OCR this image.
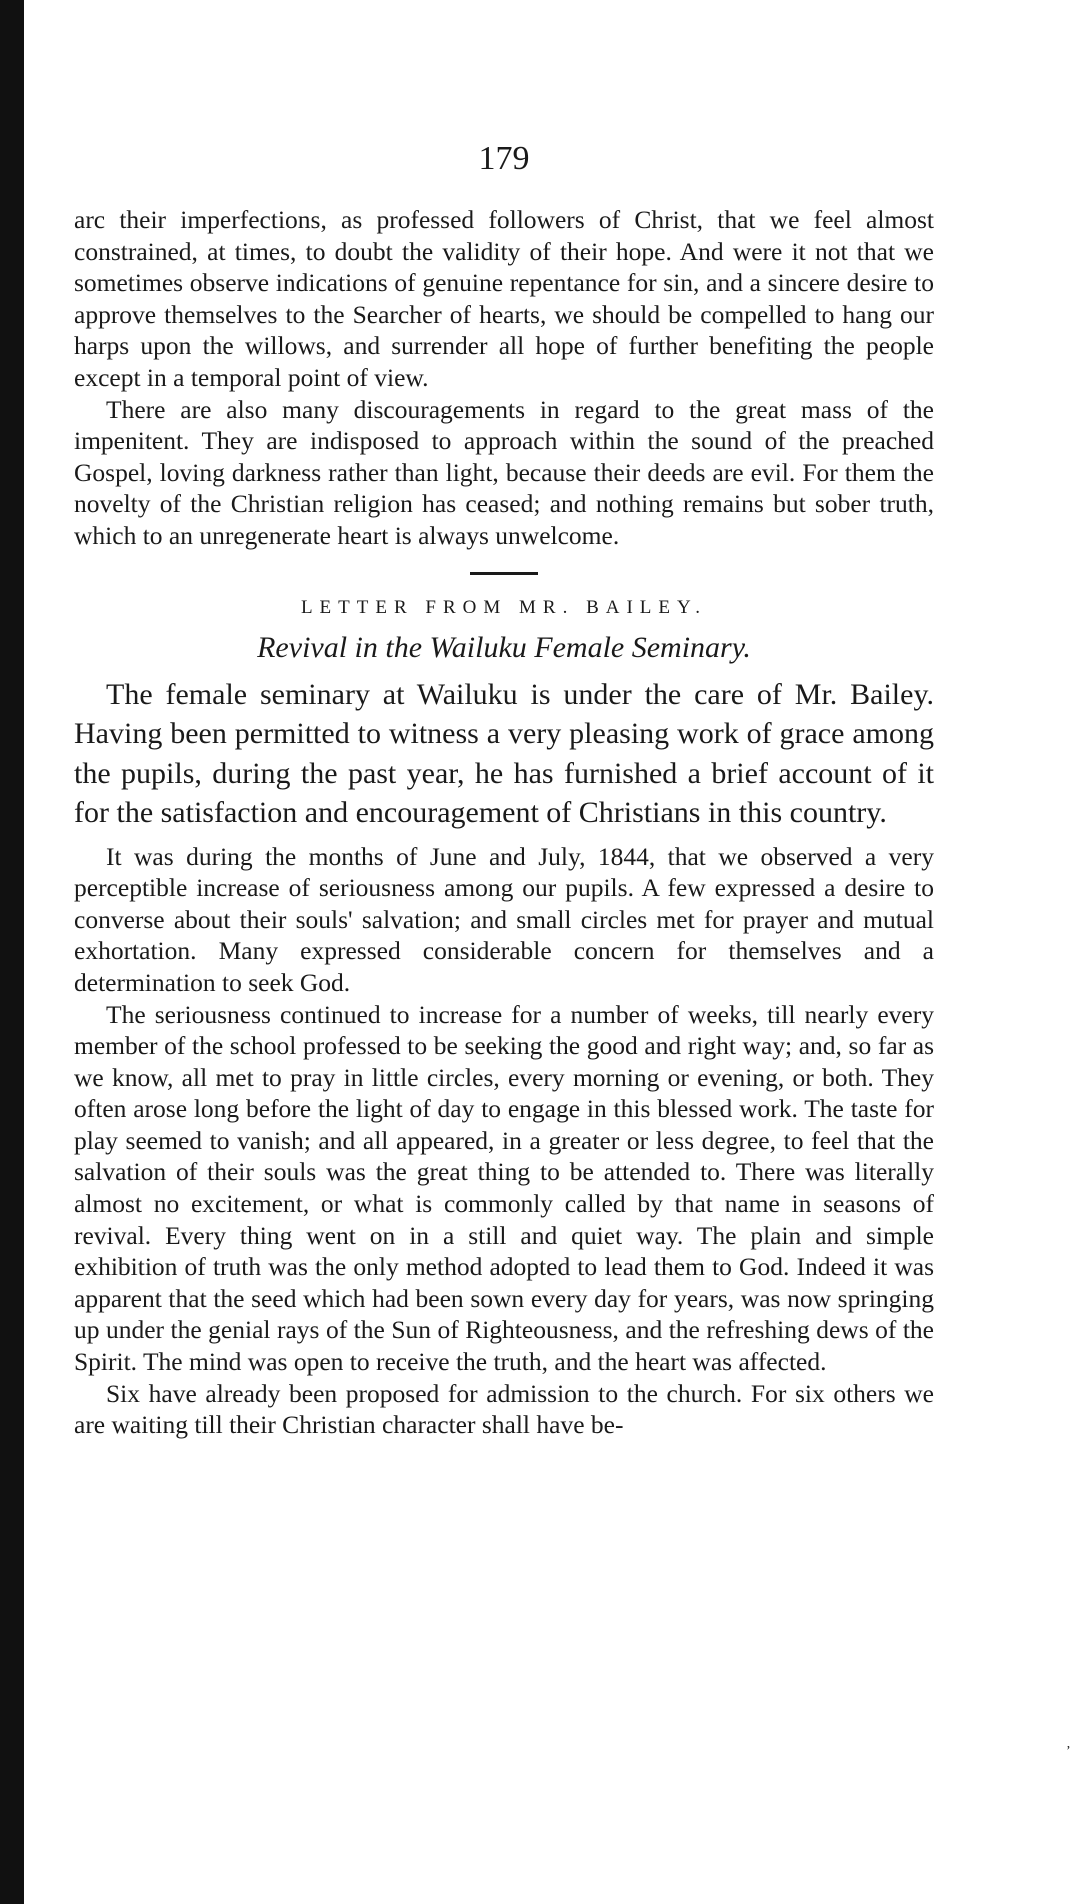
179

arc their imperfections, as professed followers of Christ, that we feel almost constrained, at times, to doubt the validity of their hope. And were it not that we sometimes observe indications of genuine repentance for sin, and a sincere desire to approve themselves to the Searcher of hearts, we should be compelled to hang our harps upon the willows, and surrender all hope of further benefiting the people except in a temporal point of view.

There are also many discouragements in regard to the great mass of the impenitent. They are indisposed to approach within the sound of the preached Gospel, loving darkness rather than light, because their deeds are evil. For them the novelty of the Christian religion has ceased; and nothing remains but sober truth, which to an unregenerate heart is always unwelcome.

LETTER FROM MR. BAILEY.
Revival in the Wailuku Female Seminary.

The female seminary at Wailuku is under the care of Mr. Bailey. Having been permitted to witness a very pleasing work of grace among the pupils, during the past year, he has furnished a brief account of it for the satisfaction and encouragement of Christians in this country.

It was during the months of June and July, 1844, that we observed a very perceptible increase of seriousness among our pupils. A few expressed a desire to converse about their souls' salvation; and small circles met for prayer and mutual exhortation. Many expressed considerable concern for themselves and a determination to seek God.

The seriousness continued to increase for a number of weeks, till nearly every member of the school professed to be seeking the good and right way; and, so far as we know, all met to pray in little circles, every morning or evening, or both. They often arose long before the light of day to engage in this blessed work. The taste for play seemed to vanish; and all appeared, in a greater or less degree, to feel that the salvation of their souls was the great thing to be attended to. There was literally almost no excitement, or what is commonly called by that name in seasons of revival. Every thing went on in a still and quiet way. The plain and simple exhibition of truth was the only method adopted to lead them to God. Indeed it was apparent that the seed which had been sown every day for years, was now springing up under the genial rays of the Sun of Righteousness, and the refreshing dews of the Spirit. The mind was open to receive the truth, and the heart was affected.

Six have already been proposed for admission to the church. For six others we are waiting till their Christian character shall have be-

ʼ
